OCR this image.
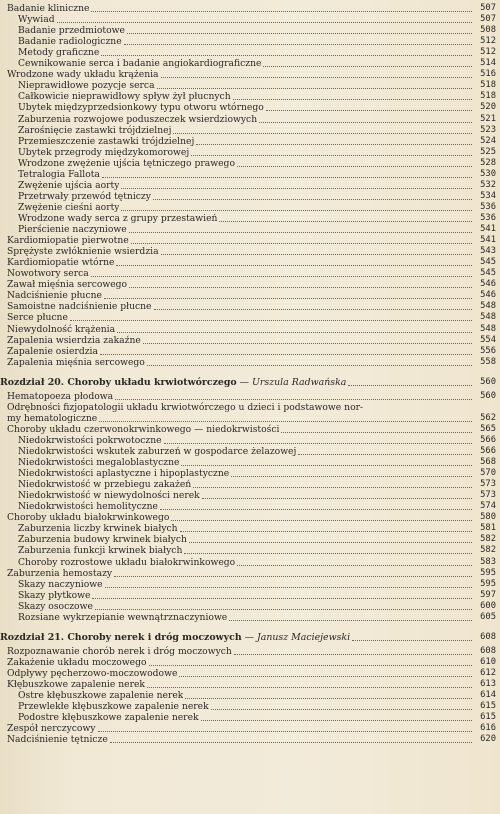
Badanie kliniczne	507
Wywiad	507
Badanie przedmiotowe	508
Badanie radiologiczne	512
Metody graficzne	512
Cewnikowanie serca i badanie angiokardiograficzne	514
Wrodzone wady układu krążenia	516
Nieprawidłowe pozycje serca	518
Całkowicie nieprawidłowy spływ żył płucnych	518
Ubytek międzyprzedsionkowy typu otworu wtórnego	520
Zaburzenia rozwojowe poduszeczek wsierdziowych	521
Zarośnięcie zastawki trójdzielnej	523
Przemieszczenie zastawki trójdzielnej	524
Ubytek przegrody międzykomorowej	525
Wrodzone zwężenie ujścia tętniczego prawego	528
Tetralogia Fallota	530
Zwężenie ujścia aorty	532
Przetrwały przewód tętniczy	534
Zwężenie cieśni aorty	536
Wrodzone wady serca z grupy przestawień	536
Pierścienie naczyniowe	541
Kardiomiopatie pierwotne	541
Sprężyste zwłóknienie wsierdzia	543
Kardiomiopatie wtórne	545
Nowotwory serca	545
Zawał mięśnia sercowego	546
Nadciśnienie płucne	546
Samoistne nadciśnienie płucne	548
Serce płucne	548
Niewydolność krążenia	548
Zapalenia wsierdzia zakaźne	554
Zapalenie osierdzia	556
Zapalenia mięśnia sercowego	558
Rozdział 20. Choroby układu krwiotwórczego — Urszula Radwańska	560
Hematopoeza płodowa	560
Odrębności fizjopatologii układu krwiotwórczego u dzieci i podstawowe nor-
my hematologiczne	562
Choroby układu czerwonokrwinkowego — niedokrwistości	565
Niedokrwistości pokrwotoczne	566
Niedokrwistości wskutek zaburzeń w gospodarce żelazowej	566
Niedokrwistości megaloblastyczne	568
Niedokrwistości aplastyczne i hipoplastyczne	570
Niedokrwistość w przebiegu zakażeń	573
Niedokrwistość w niewydolności nerek	573
Niedokrwistości hemolityczne	574
Choroby układu białokrwinkowego	580
Zaburzenia liczby krwinek białych	581
Zaburzenia budowy krwinek białych	582
Zaburzenia funkcji krwinek białych	582
Choroby rozrostowe układu białokrwinkowego	583
Zaburzenia hemostazy	595
Skazy naczyniowe	595
Skazy płytkowe	597
Skazy osoczowe	600
Rozsiane wykrzepianie wewnątrznaczyniowe	605
Rozdział 21. Choroby nerek i dróg moczowych — Janusz Maciejewski	608
Rozpoznawanie chorób nerek i dróg moczowych	608
Zakażenie układu moczowego	610
Odpływy pęcherzowo-moczowodowe	612
Kłębuszkowe zapalenie nerek	613
Ostre kłębuszkowe zapalenie nerek	614
Przewlekłe kłębuszkowe zapalenie nerek	615
Podostre kłębuszkowe zapalenie nerek	615
Zespół nerczycowy	616
Nadciśnienie tętnicze	620
